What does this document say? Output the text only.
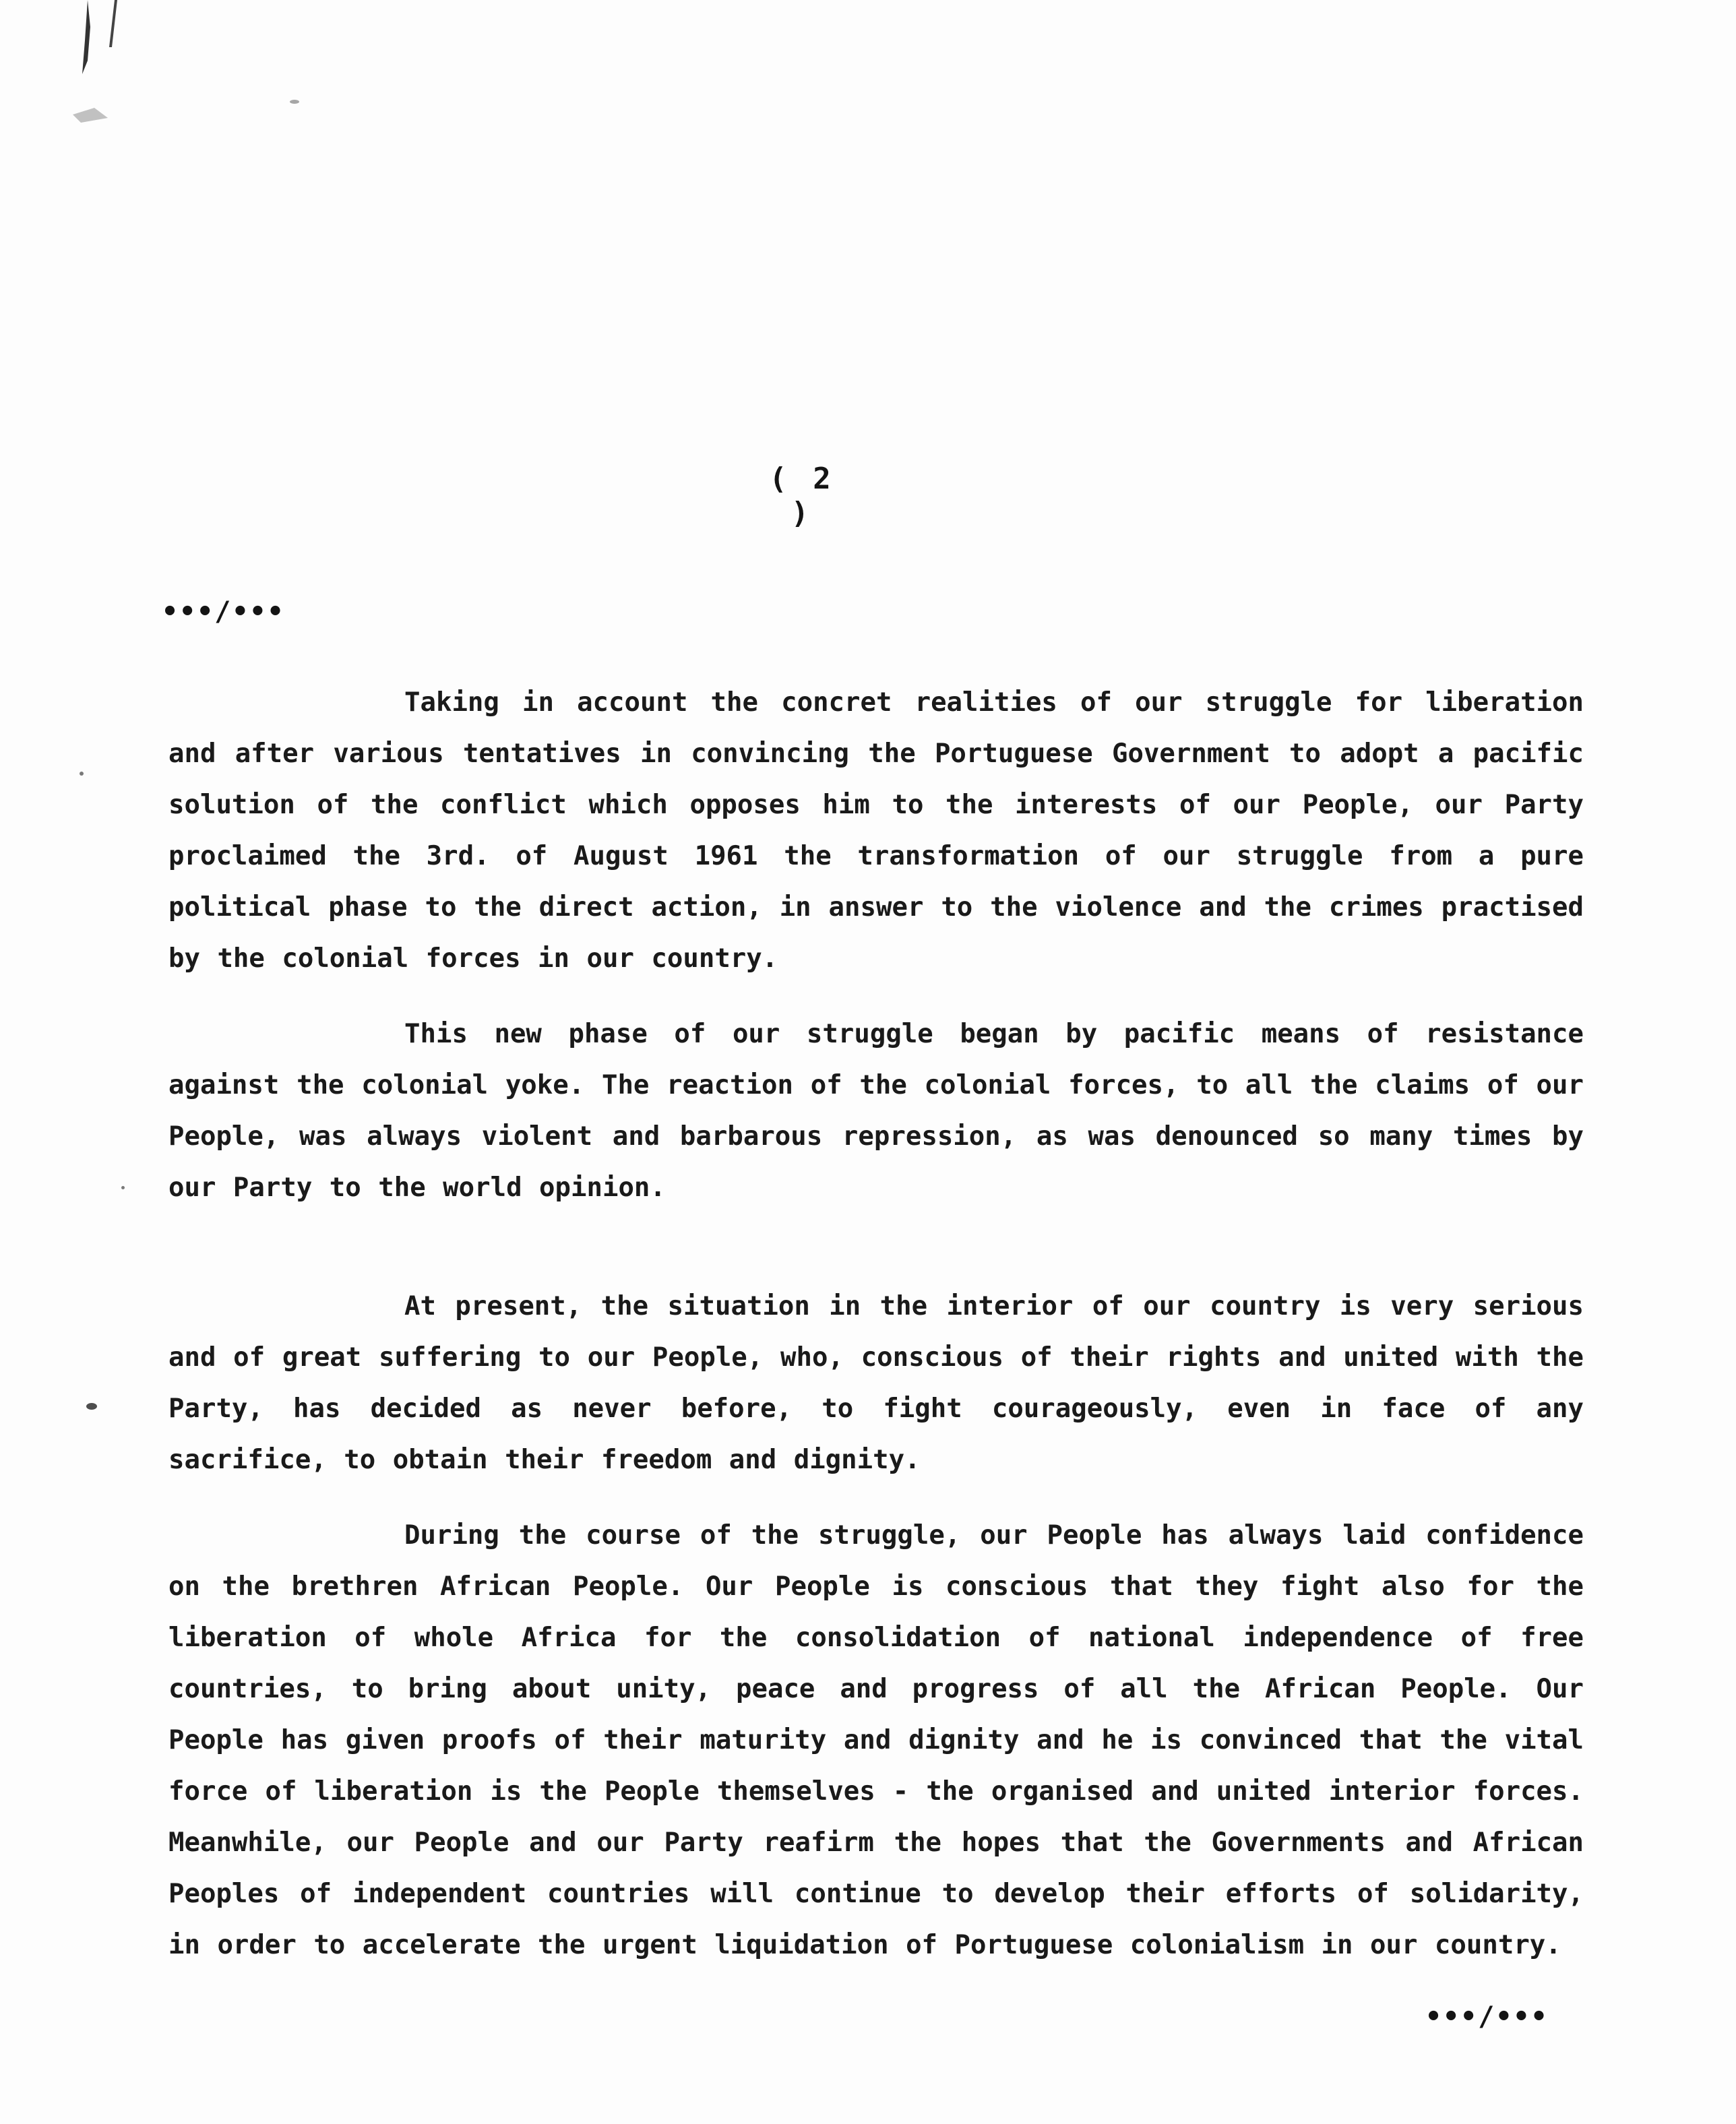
( 2 )
•••/•••

Taking in account the concret realities of our struggle for liberation and after various tentatives in convincing the Portuguese Government to adopt a pacific solution of the conflict which opposes him to the interests of our People, our Party proclaimed the 3rd. of August 1961 the transformation of our struggle from a pure political phase to the direct action, in answer to the violence and the crimes practised by the colonial forces in our country.

This new phase of our struggle began by pacific means of resistance against the colonial yoke. The reaction of the colonial forces, to all the claims of our People, was always violent and barbarous repression, as was denounced so many times by our Party to the world opinion.

At present, the situation in the interior of our country is very serious and of great suffering to our People, who, conscious of their rights and united with the Party, has decided as never before, to fight courageously, even in face of any sacrifice, to obtain their freedom and dignity.

During the course of the struggle, our People has always laid confidence on the brethren African People. Our People is conscious that they fight also for the liberation of whole Africa for the consolidation of national independence of free countries, to bring about unity, peace and progress of all the African People. Our People has given proofs of their maturity and dignity and he is convinced that the vital force of liberation is the People themselves - the organised and united interior forces. Meanwhile, our People and our Party reafirm the hopes that the Governments and African Peoples of independent countries will continue to develop their efforts of solidarity, in order to accelerate the urgent liquidation of Portuguese colonialism in our country.

•••/•••
